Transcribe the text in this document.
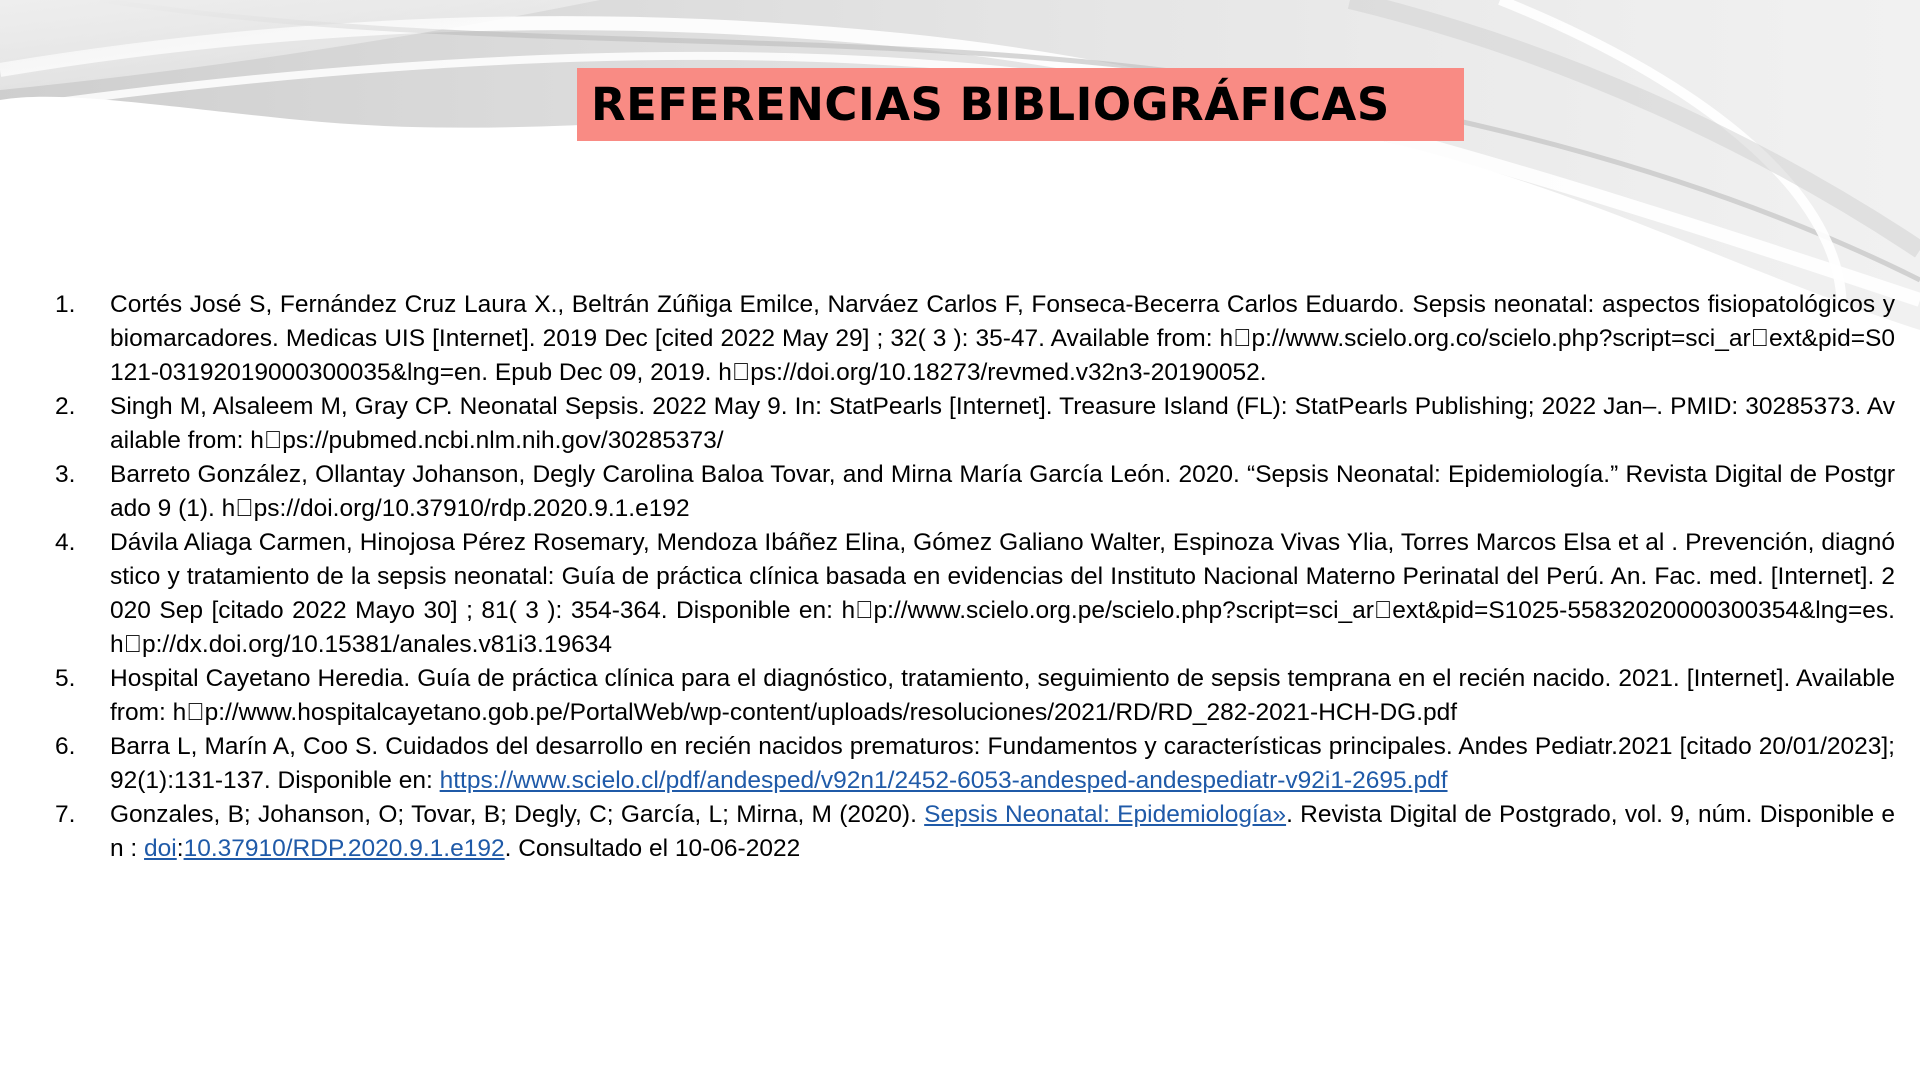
REFERENCIAS BIBLIOGRÁFICAS
1.	Cortés José S, Fernández Cruz Laura X., Beltrán Zúñiga Emilce, Narváez Carlos F, Fonseca-Becerra Carlos Eduardo. Sepsis neonatal: aspectos fisiopatológicos y biomarcadores. Medicas UIS [Internet]. 2019 Dec [cited 2022 May 29] ; 32( 3 ): 35-47. Available from: h p://www.scielo.org.co/scielo.php?script=sci_ar ext&pid=S0121-03192019000300035&lng=en. Epub Dec 09, 2019. h ps://doi.org/10.18273/revmed.v32n3-20190052.
2.	Singh M, Alsaleem M, Gray CP. Neonatal Sepsis. 2022 May 9. In: StatPearls [Internet]. Treasure Island (FL): StatPearls Publishing; 2022 Jan–. PMID: 30285373. Available from: h ps://pubmed.ncbi.nlm.nih.gov/30285373/
3.	Barreto González, Ollantay Johanson, Degly Carolina Baloa Tovar, and Mirna María García León. 2020. “Sepsis Neonatal: Epidemiología.” Revista Digital de Postgrado 9 (1). h ps://doi.org/10.37910/rdp.2020.9.1.e192
4.	Dávila Aliaga Carmen, Hinojosa Pérez Rosemary, Mendoza Ibáñez Elina, Gómez Galiano Walter, Espinoza Vivas Ylia, Torres Marcos Elsa et al . Prevención, diagnóstico y tratamiento de la sepsis neonatal: Guía de práctica clínica basada en evidencias del Instituto Nacional Materno Perinatal del Perú. An. Fac. med. [Internet]. 2020 Sep [citado 2022 Mayo 30] ; 81( 3 ): 354-364. Disponible en: h p://www.scielo.org.pe/scielo.php?script=sci_ar ext&pid=S1025-55832020000300354&lng=es. h p://dx.doi.org/10.15381/anales.v81i3.19634
5.	Hospital Cayetano Heredia. Guía de práctica clínica para el diagnóstico, tratamiento, seguimiento de sepsis temprana en el recién nacido. 2021. [Internet]. Available from: h p://www.hospitalcayetano.gob.pe/PortalWeb/wp-content/uploads/resoluciones/2021/RD/RD_282-2021-HCH-DG.pdf
6.	Barra L, Marín A, Coo S. Cuidados del desarrollo en recién nacidos prematuros: Fundamentos y características principales. Andes Pediatr.2021 [citado 20/01/2023];92(1):131-137. Disponible en: https://www.scielo.cl/pdf/andesped/v92n1/2452-6053-andesped-andespediatr-v92i1-2695.pdf
7.	Gonzales, B; Johanson, O; Tovar, B; Degly, C; García, L; Mirna, M (2020). Sepsis Neonatal: Epidemiología». Revista Digital de Postgrado, vol. 9, núm. Disponible en : doi:10.37910/RDP.2020.9.1.e192. Consultado el 10-06-2022
